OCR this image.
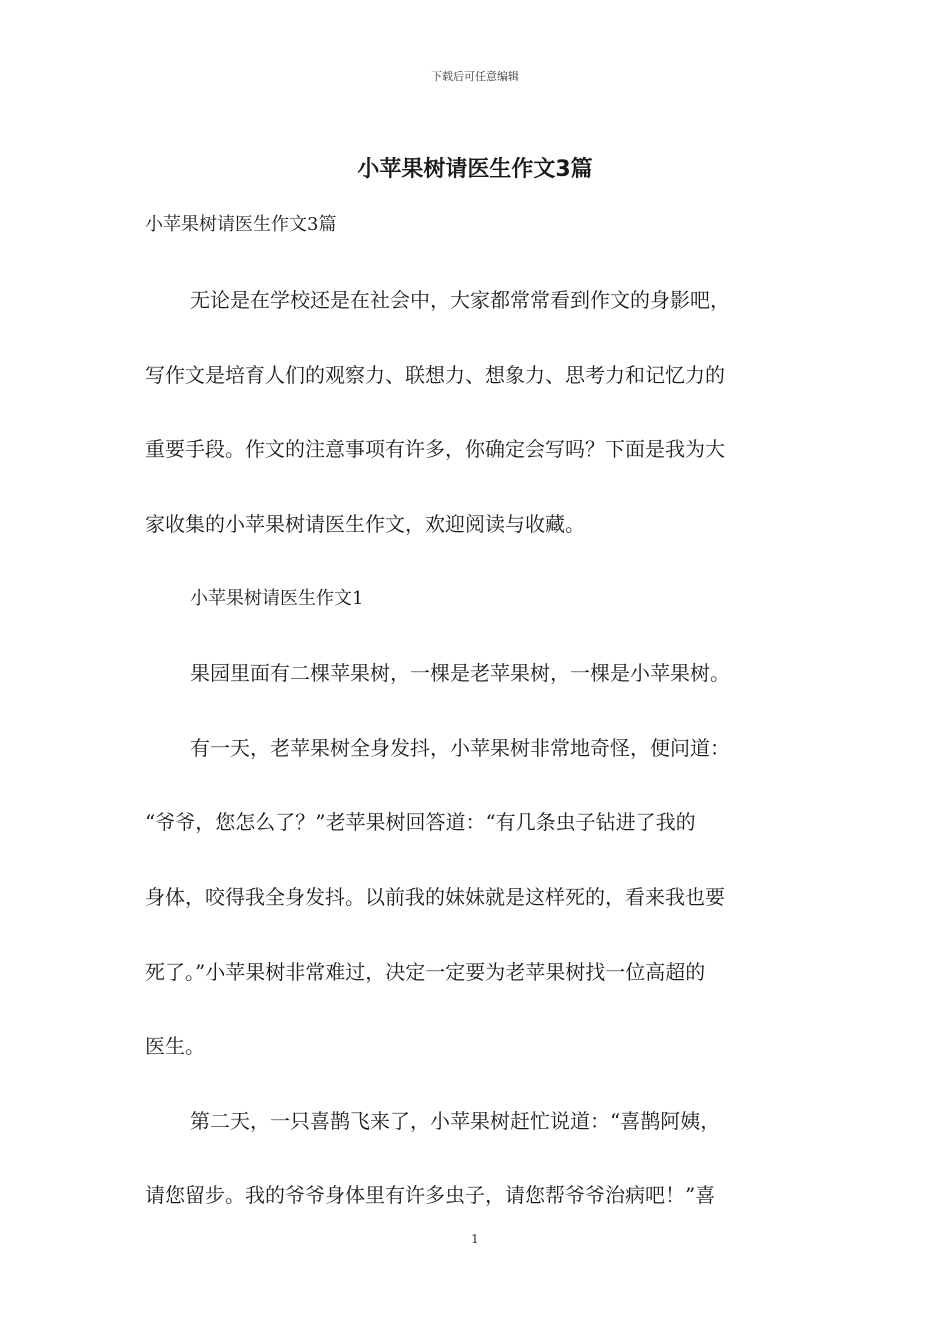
下载后可任意编辑
小苹果树请医生作文3篇
小苹果树请医生作文3篇
无论是在学校还是在社会中，大家都常常看到作文的身影吧，
写作文是培育人们的观察力、联想力、想象力、思考力和记忆力的
重要手段。作文的注意事项有许多，你确定会写吗？下面是我为大
家收集的小苹果树请医生作文，欢迎阅读与收藏。
小苹果树请医生作文1
果园里面有二棵苹果树，一棵是老苹果树，一棵是小苹果树。
有一天，老苹果树全身发抖，小苹果树非常地奇怪，便问道：
“爷爷，您怎么了？”老苹果树回答道：“有几条虫子钻进了我的
身体，咬得我全身发抖。以前我的妹妹就是这样死的，看来我也要
死了。”小苹果树非常难过，决定一定要为老苹果树找一位高超的
医生。
第二天，一只喜鹊飞来了，小苹果树赶忙说道：“喜鹊阿姨，
请您留步。我的爷爷身体里有许多虫子，请您帮爷爷治病吧！”喜
1
